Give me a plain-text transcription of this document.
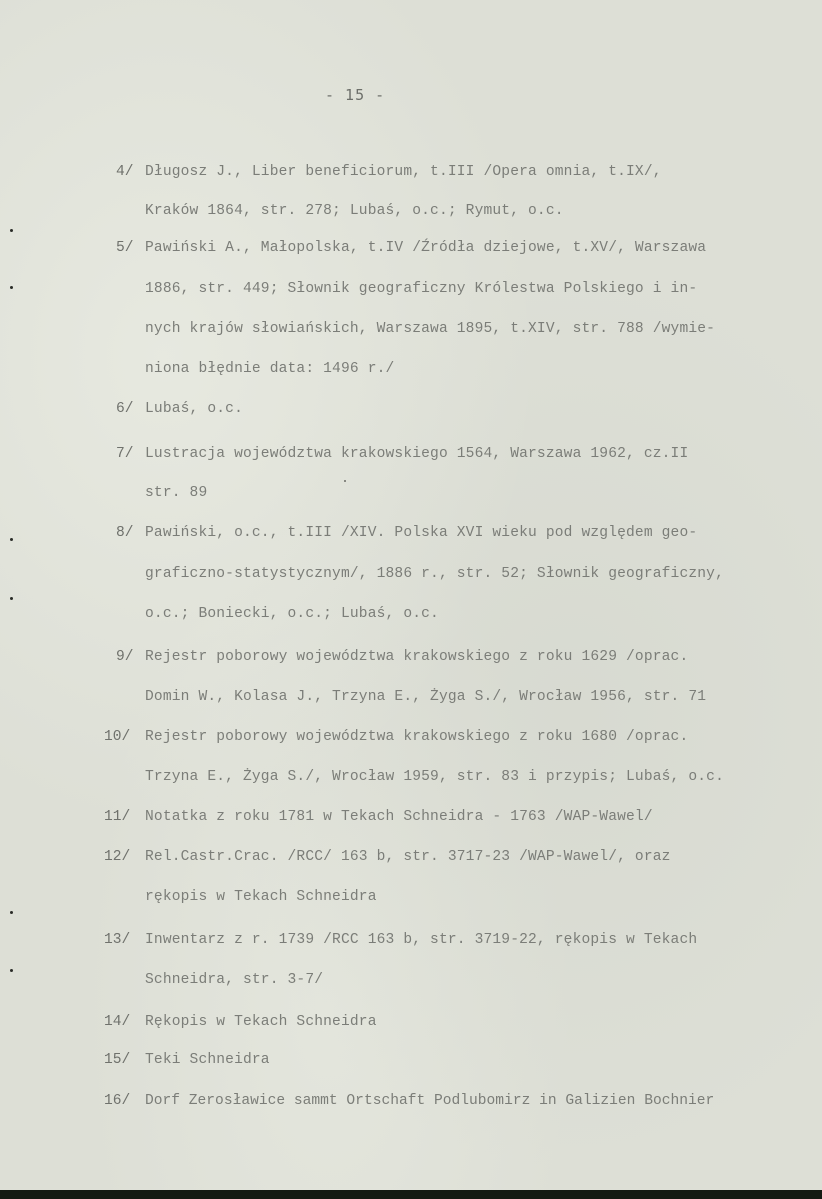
- 15 -
4/ Długosz J., Liber beneficiorum, t.III /Opera omnia, t.IX/,
Kraków 1864, str. 278; Lubaś, o.c.; Rymut, o.c.
5/ Pawiński A., Małopolska, t.IV /Źródła dziejowe, t.XV/, Warszawa
1886, str. 449; Słownik geograficzny Królestwa Polskiego i in-
nych krajów słowiańskich, Warszawa 1895, t.XIV, str. 788 /wymie-
niona błędnie data: 1496 r./
6/ Lubaś, o.c.
7/ Lustracja województwa krakowskiego 1564, Warszawa 1962, cz.II
str. 89
8/ Pawiński, o.c., t.III /XIV. Polska XVI wieku pod względem geo-
graficzno-statystycznym/, 1886 r., str. 52; Słownik geograficzny,
o.c.; Boniecki, o.c.; Lubaś, o.c.
9/ Rejestr poborowy województwa krakowskiego z roku 1629 /oprac.
Domin W., Kolasa J., Trzyna E., Żyga S./, Wrocław 1956, str. 71
10/ Rejestr poborowy województwa krakowskiego z roku 1680 /oprac.
Trzyna E., Żyga S./, Wrocław 1959, str. 83 i przypis; Lubaś, o.c.
11/ Notatka z roku 1781 w Tekach Schneidra - 1763 /WAP-Wawel/
12/ Rel.Castr.Crac. /RCC/ 163 b, str. 3717-23 /WAP-Wawel/, oraz
rękopis w Tekach Schneidra
13/ Inwentarz z r. 1739 /RCC 163 b, str. 3719-22, rękopis w Tekach
Schneidra, str. 3-7/
14/ Rękopis w Tekach Schneidra
15/ Teki Schneidra
16/ Dorf Zerosławice sammt Ortschaft Podlubomirz in Galizien Bochnier
